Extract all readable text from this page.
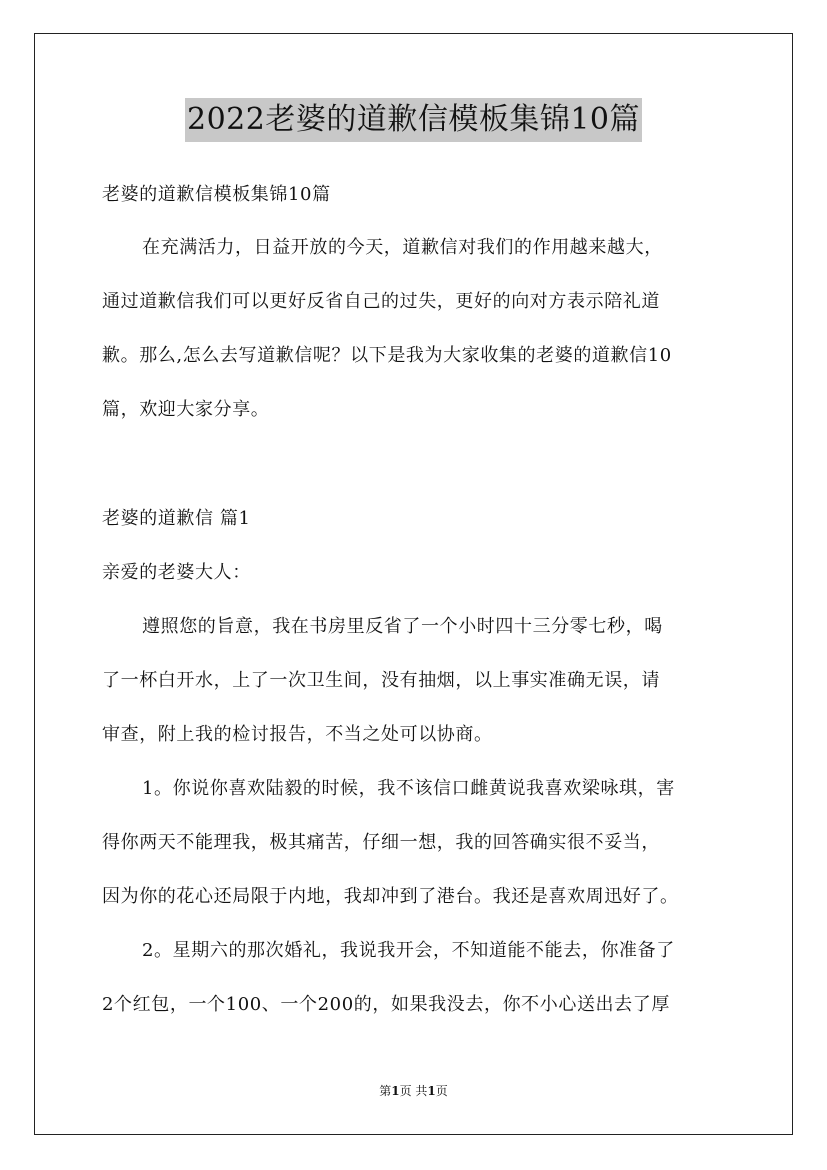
2022老婆的道歉信模板集锦10篇
老婆的道歉信模板集锦10篇
在充满活力，日益开放的今天，道歉信对我们的作用越来越大，
通过道歉信我们可以更好反省自己的过失，更好的向对方表示陪礼道
歉。那么,怎么去写道歉信呢？以下是我为大家收集的老婆的道歉信10
篇，欢迎大家分享。
老婆的道歉信 篇1
亲爱的老婆大人：
遵照您的旨意，我在书房里反省了一个小时四十三分零七秒，喝
了一杯白开水，上了一次卫生间，没有抽烟，以上事实准确无误，请
审查，附上我的检讨报告，不当之处可以协商。
1。你说你喜欢陆毅的时候，我不该信口雌黄说我喜欢梁咏琪，害
得你两天不能理我，极其痛苦，仔细一想，我的回答确实很不妥当，
因为你的花心还局限于内地，我却冲到了港台。我还是喜欢周迅好了。
2。星期六的那次婚礼，我说我开会，不知道能不能去，你准备了
2个红包，一个100、一个200的，如果我没去，你不小心送出去了厚
第1页 共1页
